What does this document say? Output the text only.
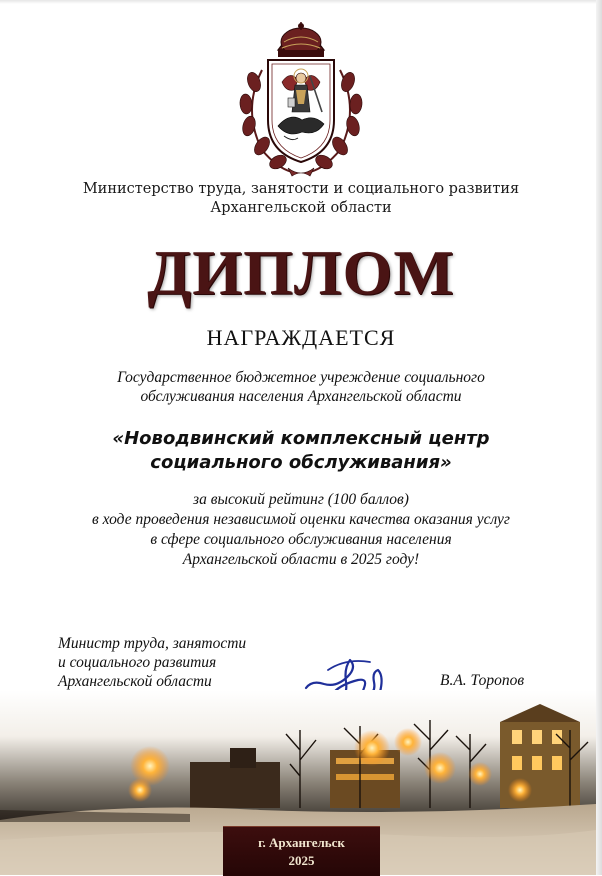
Министерство труда, занятости и социального развития
Архангельской области
ДИПЛОМ
НАГРАЖДАЕТСЯ
Государственное бюджетное учреждение социального
обслуживания населения Архангельской области
«Новодвинский комплексный центр
социального обслуживания»
за высокий рейтинг (100 баллов)
в ходе проведения независимой оценки качества оказания услуг
в сфере социального обслуживания населения
Архангельской области в 2025 году!
Министр труда, занятости
и социального развития
Архангельской области	В.А. Торопов
г. Архангельск
2025
